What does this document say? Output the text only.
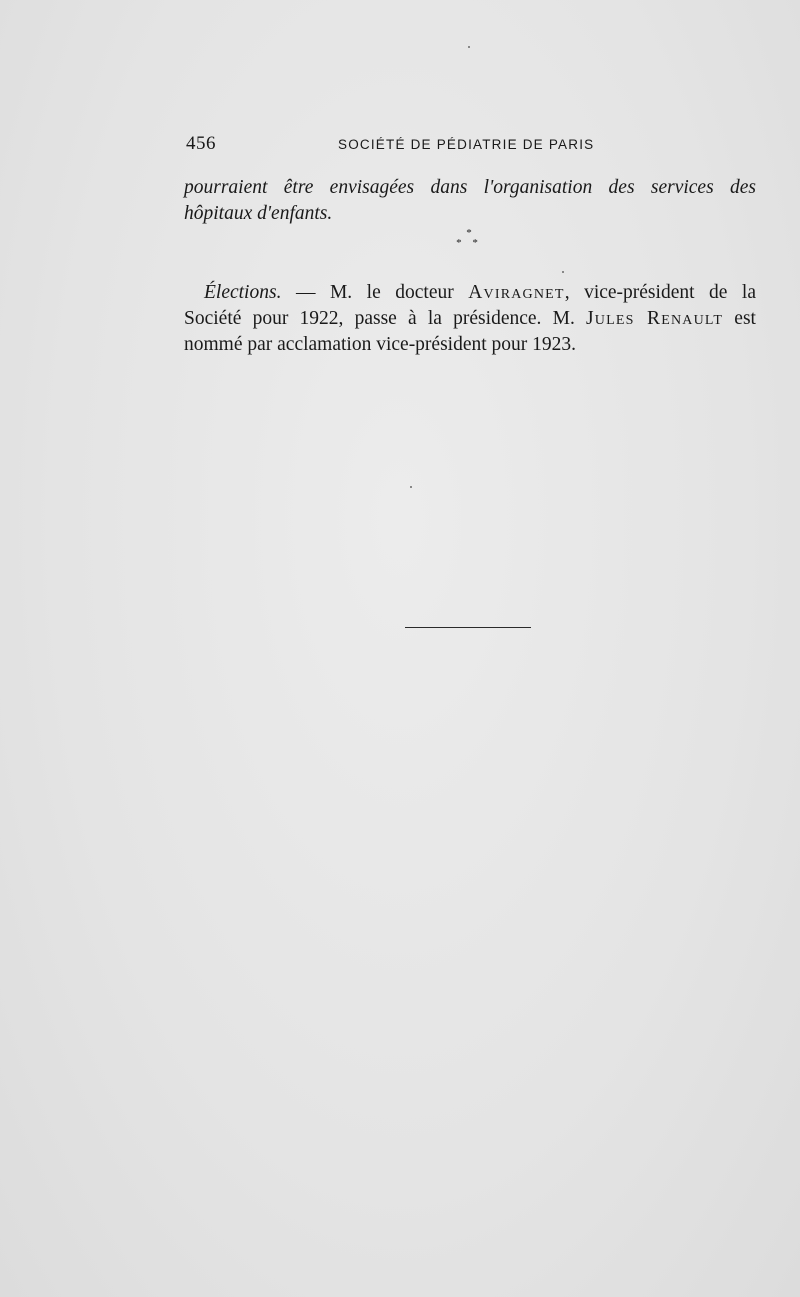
456	SOCIÉTÉ DE PÉDIATRIE DE PARIS

pourraient être envisagées dans l'organisation des services des
hôpitaux d'enfants.

*
* *

Élections. — M. le docteur Aviragnet, vice-président de la
Société pour 1922, passe à la présidence. M. Jules Renault est
nommé par acclamation vice-président pour 1923.
